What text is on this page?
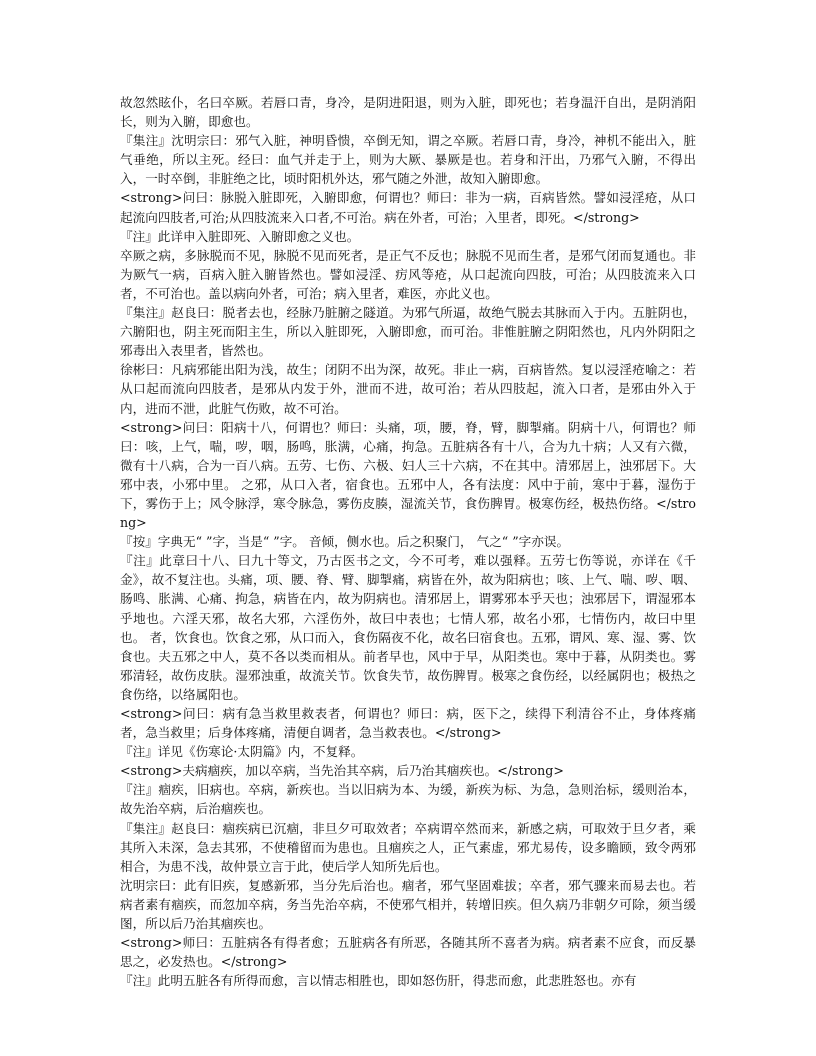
故忽然眩仆，名曰卒厥。若唇口青，身冷，是阴进阳退，则为入脏，即死也；若身温汗自出，是阴消阳长，则为入腑，即愈也。

『集注』沈明宗曰：邪气入脏，神明昏愦，卒倒无知，谓之卒厥。若唇口青，身冷，神机不能出入，脏气垂绝，所以主死。经曰：血气并走于上，则为大厥、暴厥是也。若身和汗出，乃邪气入腑，不得出入，一时卒倒，非脏绝之比，顷时阳机外达，邪气随之外泄，故知入腑即愈。

<strong>问曰：脉脱入脏即死，入腑即愈，何谓也？师曰：非为一病，百病皆然。譬如浸淫疮，从口起流向四肢者,可治;从四肢流来入口者,不可治。病在外者，可治；入里者，即死。</strong>

『注』此详申入脏即死、入腑即愈之义也。

卒厥之病，多脉脱而不见，脉脱不见而死者，是正气不反也；脉脱不见而生者，是邪气闭而复通也。非为厥气一病，百病入脏入腑皆然也。譬如浸淫、疠风等疮，从口起流向四肢，可治；从四肢流来入口者，不可治也。盖以病向外者，可治；病入里者，难医，亦此义也。

『集注』赵良曰：脱者去也，经脉乃脏腑之隧道。为邪气所逼，故绝气脱去其脉而入于内。五脏阴也，六腑阳也，阴主死而阳主生，所以入脏即死，入腑即愈，而可治。非惟脏腑之阴阳然也，凡内外阴阳之邪毒出入表里者，皆然也。

徐彬曰：凡病邪能出阳为浅，故生；闭阴不出为深，故死。非止一病，百病皆然。复以浸淫疮喻之：若从口起而流向四肢者，是邪从内发于外，泄而不进，故可治；若从四肢起，流入口者，是邪由外入于内，进而不泄，此脏气伤败，故不可治。

<strong>问曰：阳病十八，何谓也？师曰：头痛，项，腰，脊，臂，脚掣痛。阴病十八，何谓也？师曰：咳，上气，喘，哕，咽，肠鸣，胀满，心痛，拘急。五脏病各有十八，合为九十病；人又有六微，微有十八病，合为一百八病。五劳、七伤、六极、妇人三十六病，不在其中。清邪居上，浊邪居下。大邪中表，小邪中里。 之邪，从口入者，宿食也。五邪中人，各有法度：风中于前，寒中于暮，湿伤于下，雾伤于上；风令脉浮，寒令脉急，雾伤皮腠，湿流关节，食伤脾胃。极寒伤经，极热伤络。</strong>

『按』字典无“ ”字，当是“ ”字。 音倾，侧水也。后之积聚门， 气之“ ”字亦误。

『注』此章曰十八、曰九十等文，乃古医书之文，今不可考，难以强释。五劳七伤等说，亦详在《千金》，故不复注也。头痛，项、腰、脊、臂、脚掣痛，病皆在外，故为阳病也；咳、上气、喘、哕、咽、肠鸣、胀满、心痛、拘急，病皆在内，故为阴病也。清邪居上，谓雾邪本乎天也；浊邪居下，谓湿邪本乎地也。六淫天邪，故名大邪，六淫伤外，故曰中表也；七情人邪，故名小邪，七情伤内，故曰中里也。 者，饮食也。饮食之邪，从口而入，食伤隔夜不化，故名曰宿食也。五邪，谓风、寒、湿、雾、饮食也。夫五邪之中人，莫不各以类而相从。前者早也，风中于早，从阳类也。寒中于暮，从阴类也。雾邪清轻，故伤皮肤。湿邪浊重，故流关节。饮食失节，故伤脾胃。极寒之食伤经，以经属阴也；极热之食伤络，以络属阳也。

<strong>问曰：病有急当救里救表者，何谓也？师曰：病，医下之，续得下利清谷不止，身体疼痛者，急当救里；后身体疼痛，清便自调者，急当救表也。</strong>

『注』详见《伤寒论·太阴篇》内，不复释。

<strong>夫病痼疾，加以卒病，当先治其卒病，后乃治其痼疾也。</strong>

『注』痼疾，旧病也。卒病，新疾也。当以旧病为本、为缓，新疾为标、为急，急则治标，缓则治本，故先治卒病，后治痼疾也。

『集注』赵良曰：痼疾病已沉痼，非旦夕可取效者；卒病谓卒然而来，新感之病，可取效于旦夕者，乘其所入未深，急去其邪，不使稽留而为患也。且痼疾之人，正气素虚，邪尤易传，设多瞻顾，致令两邪相合，为患不浅，故仲景立言于此，使后学人知所先后也。

沈明宗曰：此有旧疾，复感新邪，当分先后治也。痼者，邪气坚固难拔；卒者，邪气骤来而易去也。若病者素有痼疾，而忽加卒病，务当先治卒病，不使邪气相并，转增旧疾。但久病乃非朝夕可除，须当缓图，所以后乃治其痼疾也。

<strong>师曰：五脏病各有得者愈；五脏病各有所恶，各随其所不喜者为病。病者素不应食，而反暴思之，必发热也。</strong>

『注』此明五脏各有所得而愈，言以情志相胜也，即如怒伤肝，得悲而愈，此悲胜怒也。亦有
